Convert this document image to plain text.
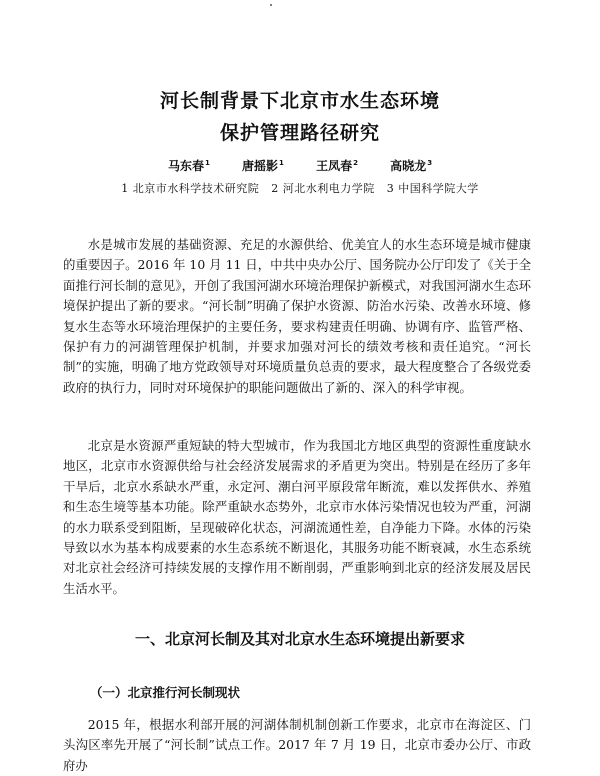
河长制背景下北京市水生态环境
保护管理路径研究
马东春$^1$	唐摇影$^1$	王凤春$^2$	高晓龙$^3$
1 北京市水科学技术研究院 2 河北水利电力学院 3 中国科学院大学

水是城市发展的基础资源、充足的水源供给、优美宜人的水生态环境是城市健康的重要因子。2016 年 10 月 11 日，中共中央办公厅、国务院办公厅印发了《关于全面推行河长制的意见》，开创了我国河湖水环境治理保护新模式，对我国河湖水生态环境保护提出了新的要求。“河长制”明确了保护水资源、防治水污染、改善水环境、修复水生态等水环境治理保护的主要任务，要求构建责任明确、协调有序、监管严格、保护有力的河湖管理保护机制，并要求加强对河长的绩效考核和责任追究。“河长制”的实施，明确了地方党政领导对环境质量负总责的要求，最大程度整合了各级党委政府的执行力，同时对环境保护的职能问题做出了新的、深入的科学审视。

北京是水资源严重短缺的特大型城市，作为我国北方地区典型的资源性重度缺水地区，北京市水资源供给与社会经济发展需求的矛盾更为突出。特别是在经历了多年干旱后，北京水系缺水严重，永定河、潮白河平原段常年断流，难以发挥供水、养殖和生态生境等基本功能。除严重缺水态势外，北京市水体污染情况也较为严重，河湖的水力联系受到阻断，呈现破碎化状态，河湖流通性差，自净能力下降。水体的污染导致以水为基本构成要素的水生态系统不断退化，其服务功能不断衰减，水生态系统对北京社会经济可持续发展的支撑作用不断削弱，严重影响到北京的经济发展及居民生活水平。

一、北京河长制及其对北京水生态环境提出新要求
（一）北京推行河长制现状

2015 年，根据水利部开展的河湖体制机制创新工作要求，北京市在海淀区、门头沟区率先开展了“河长制”试点工作。2017 年 7 月 19 日，北京市委办公厅、市政府办
